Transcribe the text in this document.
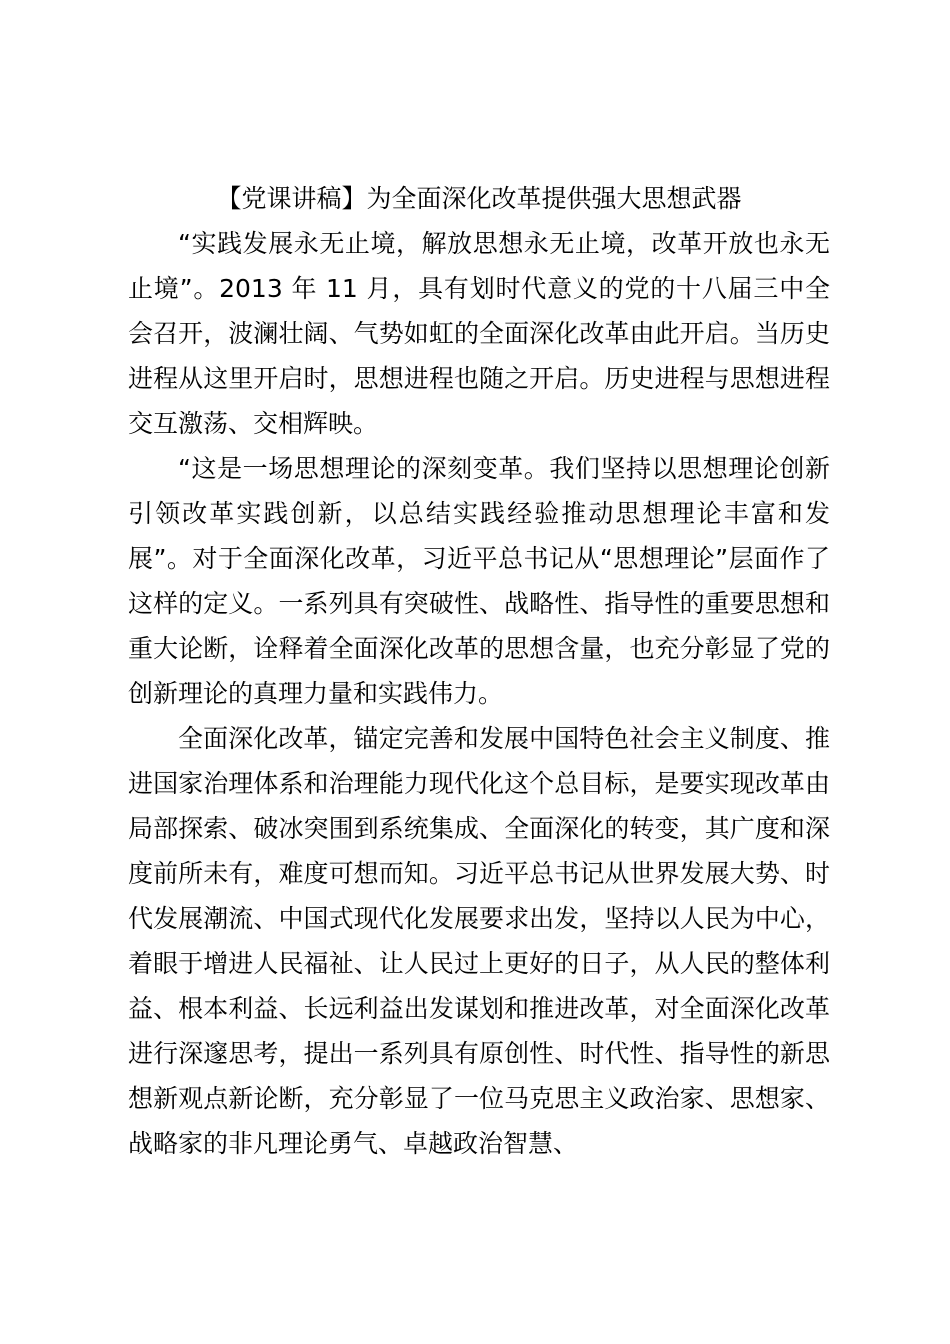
【党课讲稿】为全面深化改革提供强大思想武器

“实践发展永无止境，解放思想永无止境，改革开放也永无止境”。2013 年 11 月，具有划时代意义的党的十八届三中全会召开，波澜壮阔、气势如虹的全面深化改革由此开启。当历史进程从这里开启时，思想进程也随之开启。历史进程与思想进程交互激荡、交相辉映。

“这是一场思想理论的深刻变革。我们坚持以思想理论创新引领改革实践创新，以总结实践经验推动思想理论丰富和发展”。对于全面深化改革，习近平总书记从“思想理论”层面作了这样的定义。一系列具有突破性、战略性、指导性的重要思想和重大论断，诠释着全面深化改革的思想含量，也充分彰显了党的创新理论的真理力量和实践伟力。

全面深化改革，锚定完善和发展中国特色社会主义制度、推进国家治理体系和治理能力现代化这个总目标，是要实现改革由局部探索、破冰突围到系统集成、全面深化的转变，其广度和深度前所未有，难度可想而知。习近平总书记从世界发展大势、时代发展潮流、中国式现代化发展要求出发，坚持以人民为中心，着眼于增进人民福祉、让人民过上更好的日子，从人民的整体利益、根本利益、长远利益出发谋划和推进改革，对全面深化改革进行深邃思考，提出一系列具有原创性、时代性、指导性的新思想新观点新论断，充分彰显了一位马克思主义政治家、思想家、战略家的非凡理论勇气、卓越政治智慧、
